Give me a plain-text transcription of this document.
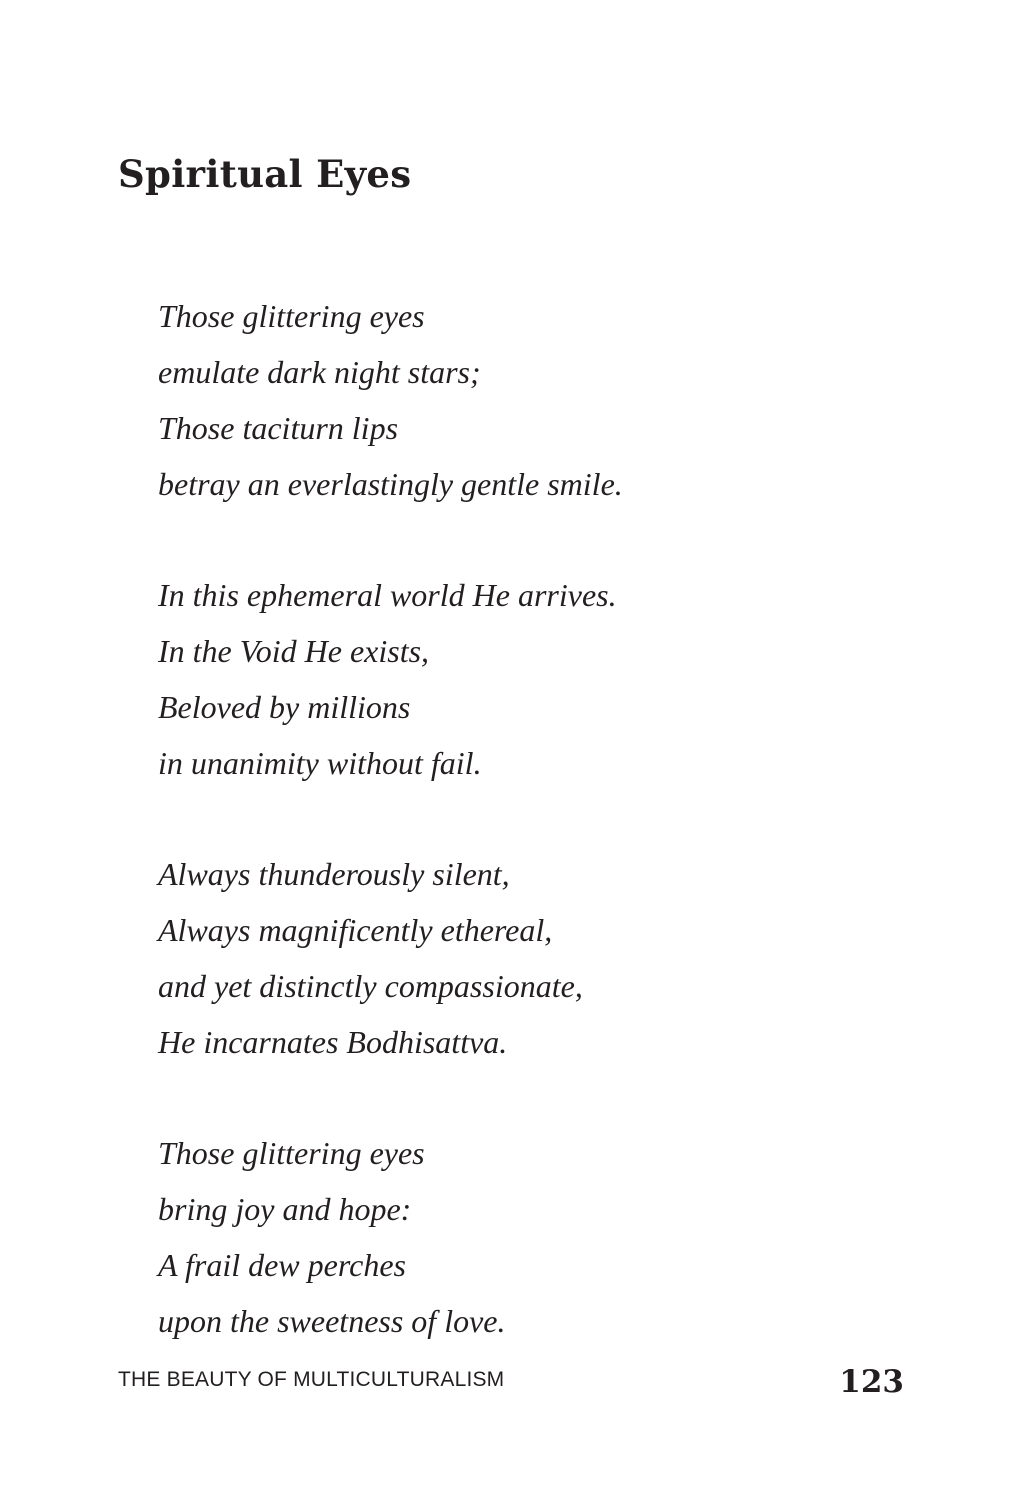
Spiritual Eyes
Those glittering eyes
emulate dark night stars;
Those taciturn lips
betray an everlastingly gentle smile.
In this ephemeral world He arrives.
In the Void He exists,
Beloved by millions
in unanimity without fail.
Always thunderously silent,
Always magnificently ethereal,
and yet distinctly compassionate,
He incarnates Bodhisattva.
Those glittering eyes
bring joy and hope:
A frail dew perches
upon the sweetness of love.
THE BEAUTY OF MULTICULTURALISM	123
